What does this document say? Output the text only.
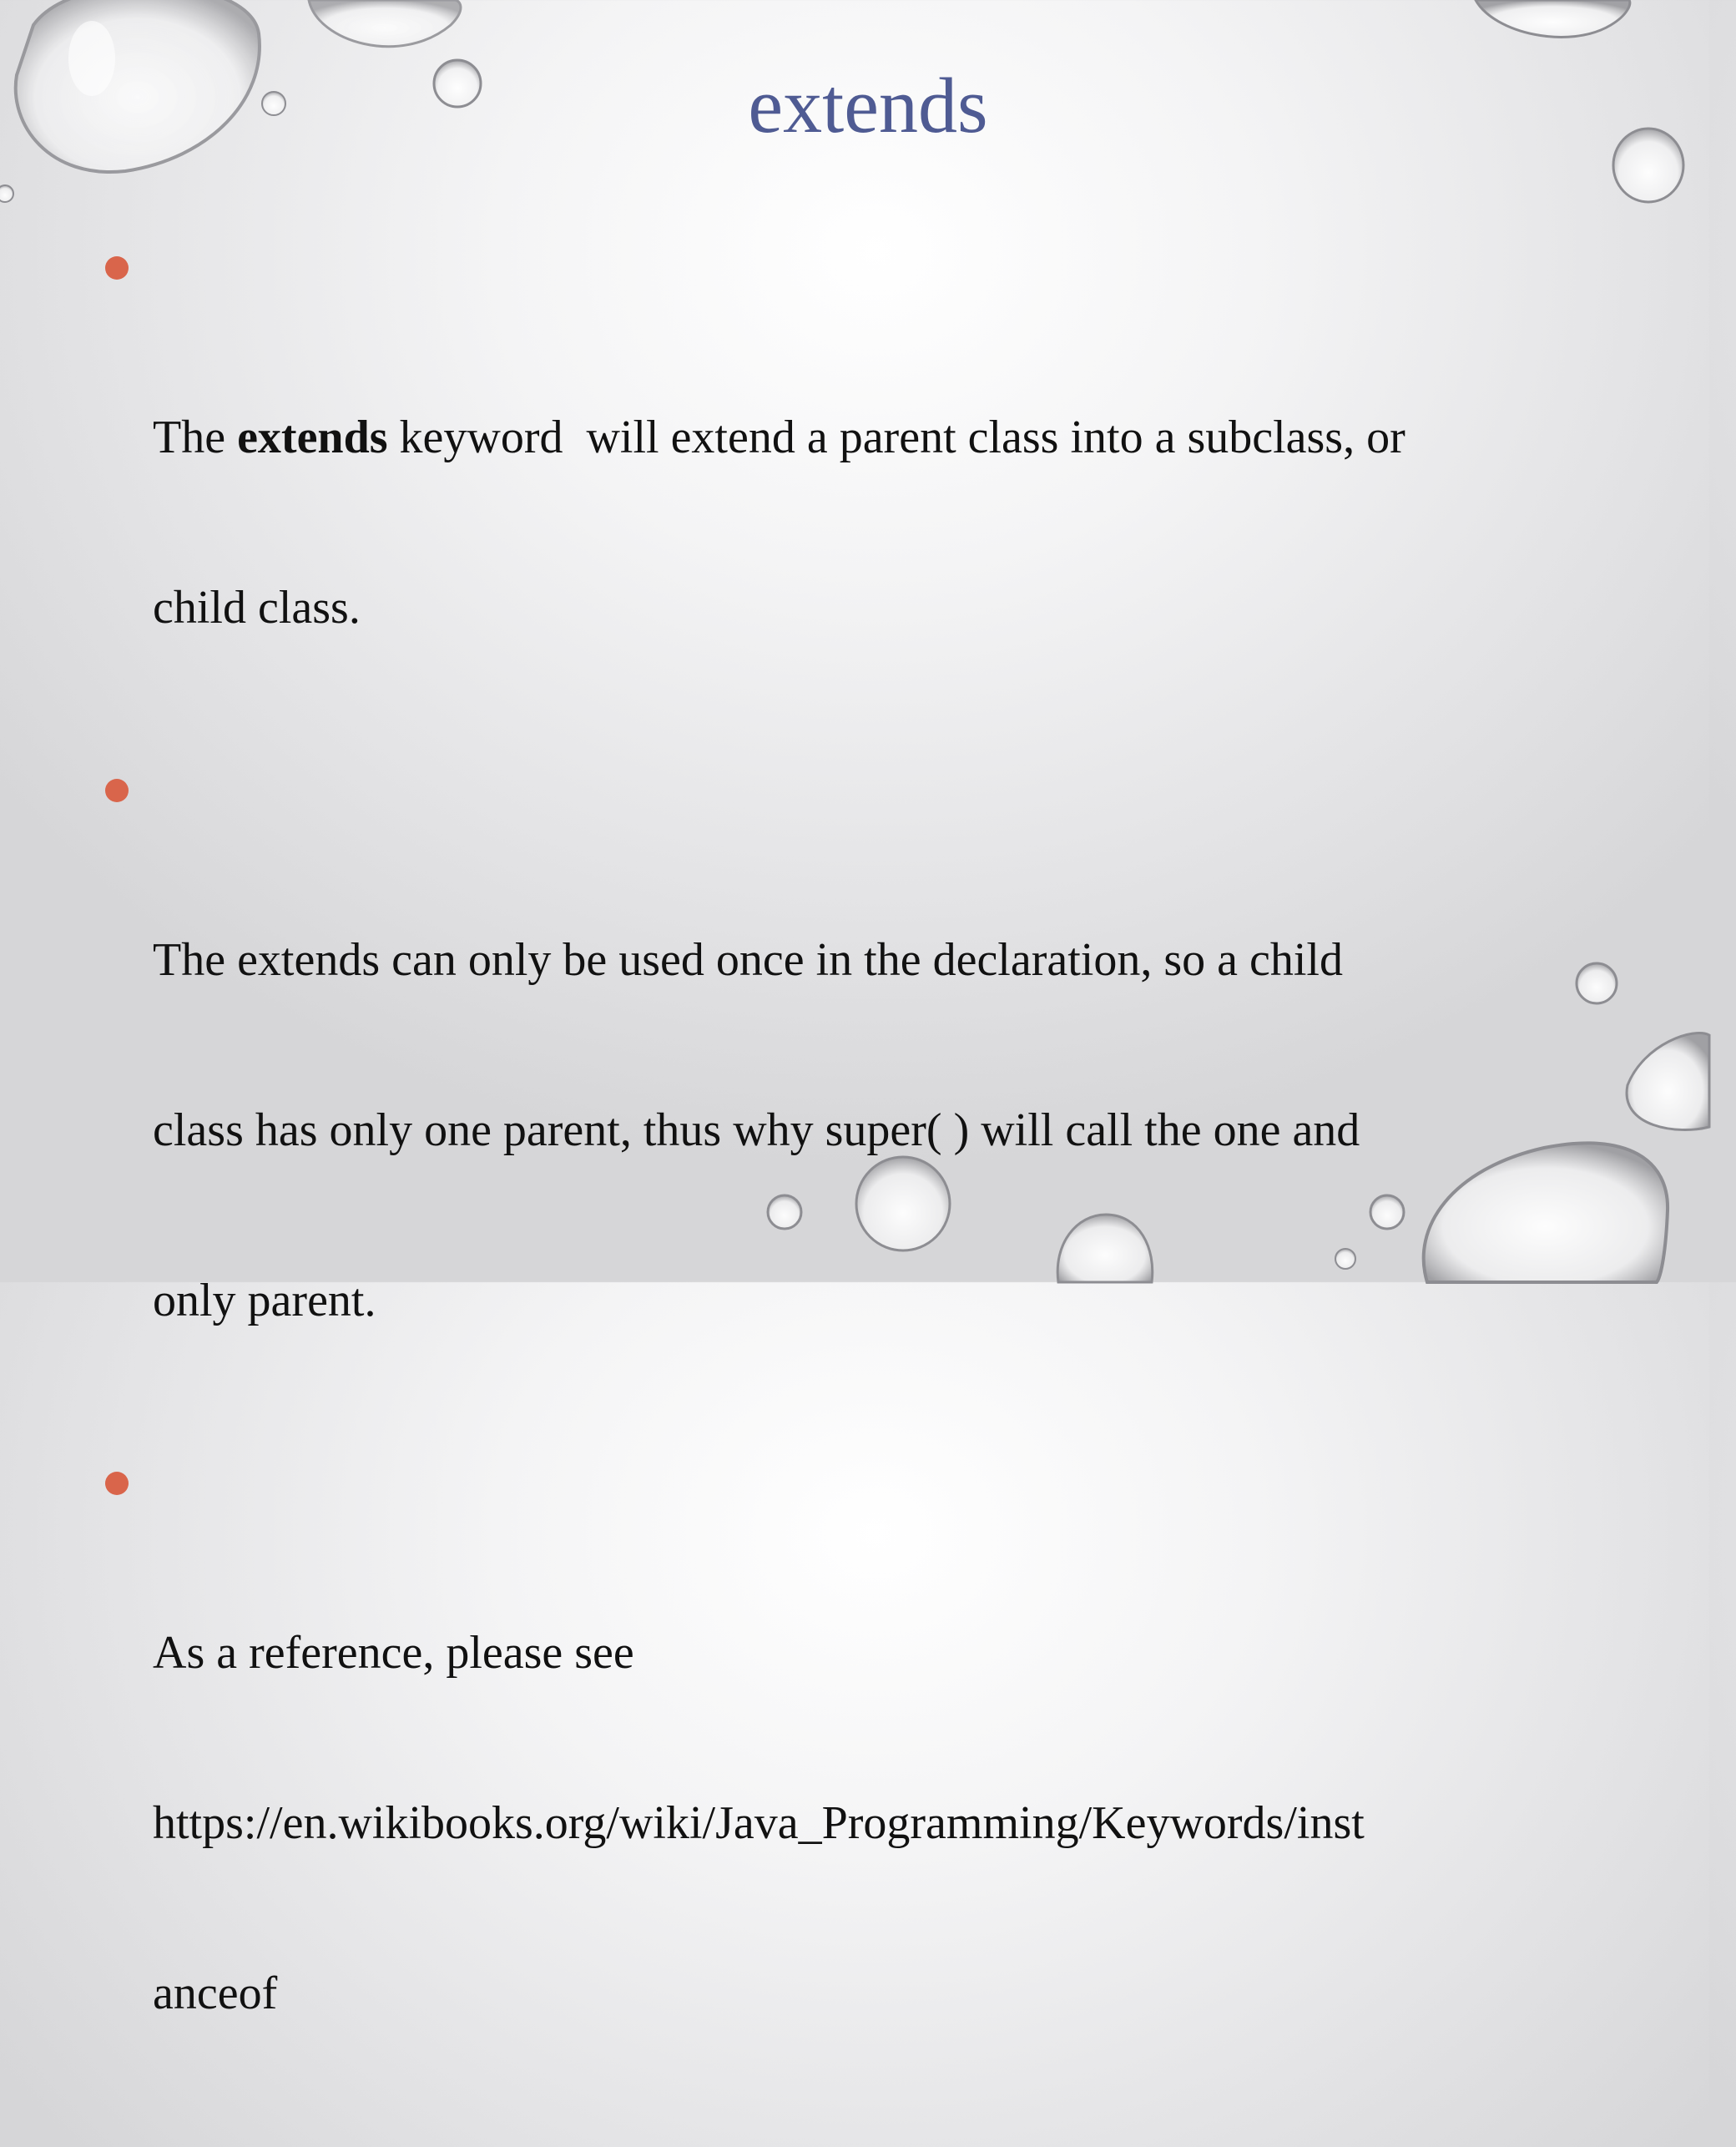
extends

The extends keyword  will extend a parent class into a subclass, or

child class.

The extends can only be used once in the declaration, so a child

class has only one parent, thus why super( ) will call the one and

only parent.

As a reference, please see

https://en.wikibooks.org/wiki/Java_Programming/Keywords/inst

anceof
